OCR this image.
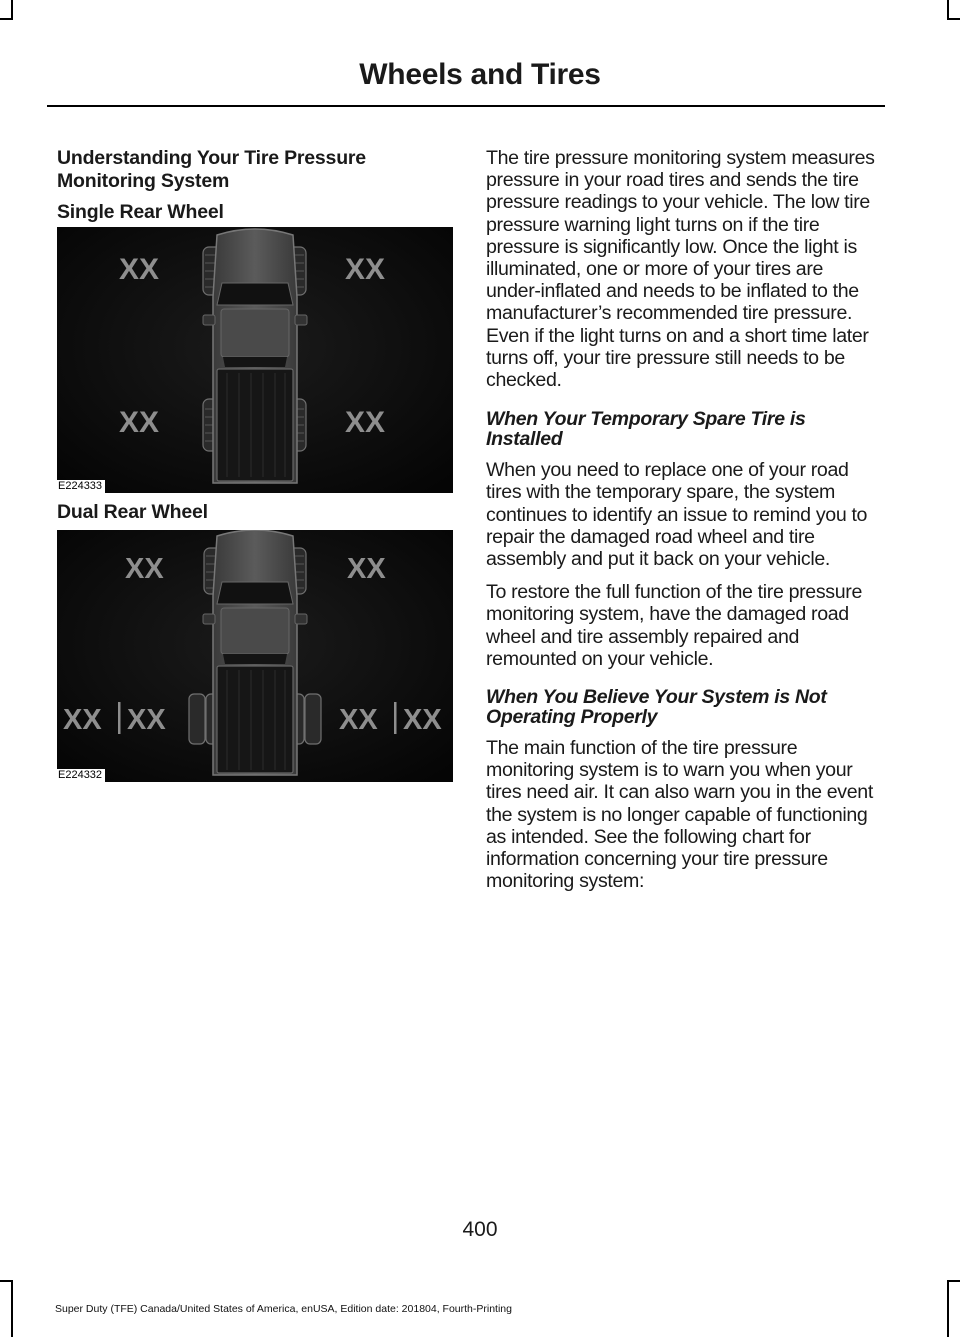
Wheels and Tires
Understanding Your Tire Pressure Monitoring System
Single Rear Wheel
XX	XX
XX	XX
E224333
Dual Rear Wheel
XX	XX
XX XX	XX XX
E224332

The tire pressure monitoring system measures pressure in your road tires and sends the tire pressure readings to your vehicle. The low tire pressure warning light turns on if the tire pressure is significantly low. Once the light is illuminated, one or more of your tires are under-inflated and needs to be inflated to the manufacturer’s recommended tire pressure. Even if the light turns on and a short time later turns off, your tire pressure still needs to be checked.

When Your Temporary Spare Tire is Installed

When you need to replace one of your road tires with the temporary spare, the system continues to identify an issue to remind you to repair the damaged road wheel and tire assembly and put it back on your vehicle.

To restore the full function of the tire pressure monitoring system, have the damaged road wheel and tire assembly repaired and remounted on your vehicle.

When You Believe Your System is Not Operating Properly

The main function of the tire pressure monitoring system is to warn you when your tires need air. It can also warn you in the event the system is no longer capable of functioning as intended. See the following chart for information concerning your tire pressure monitoring system:

400
Super Duty (TFE) Canada/United States of America, enUSA, Edition date: 201804, Fourth-Printing
